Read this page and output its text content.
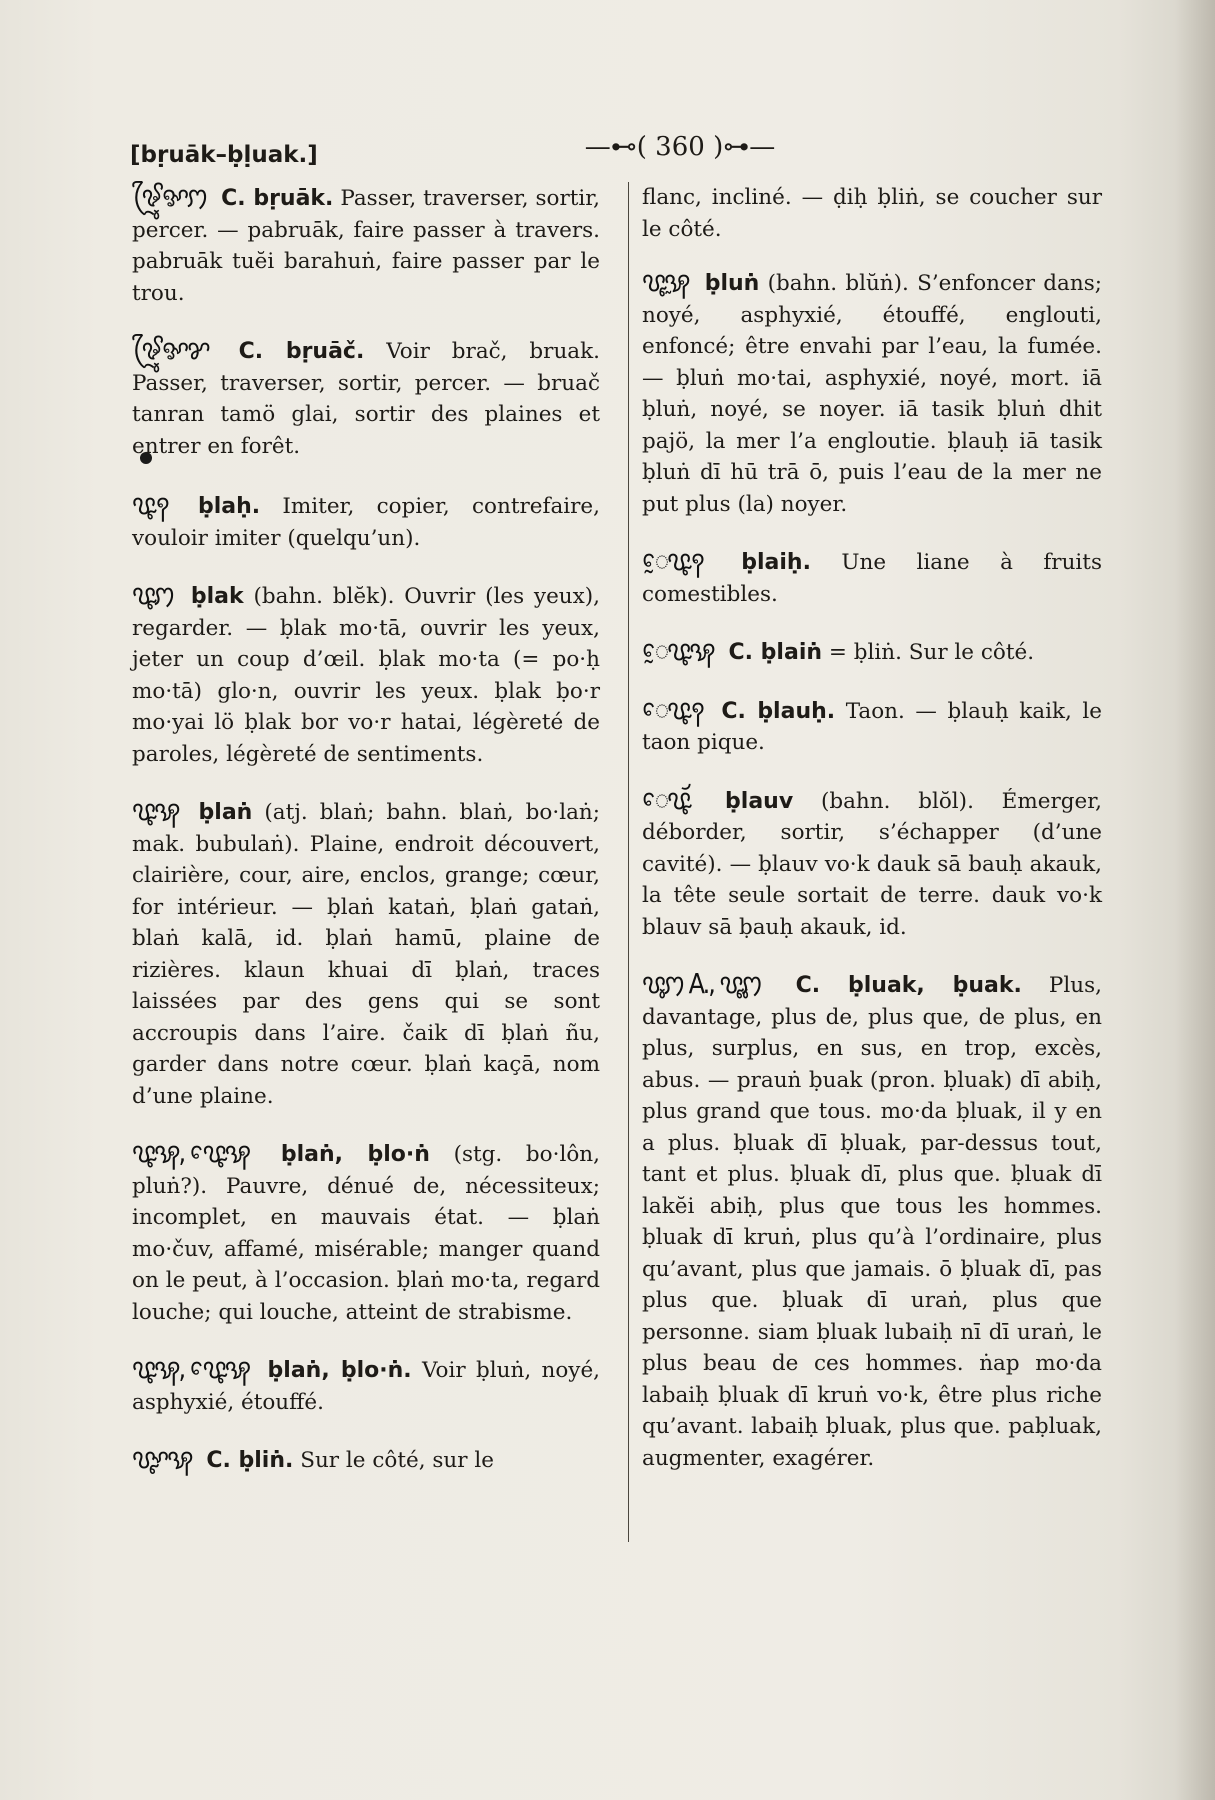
[bṛuāk–ḅḷuak.]	—⊷( 360 )⊶—
ꨃꨴꨶꨀꩀ C. bṛuāk. Passer, traverser, sortir, percer. — pabruāk, faire passer à travers. pabruāk tuĕi barahuṅ, faire passer par le trou.
ꨃꨴꨶꨀꨌ C. bṛuāč. Voir brač, bruak. Passer, traverser, sortir, percer. — bruač tanran tamö glai, sortir des plaines et entrer en forêt.
ꨝꨵꩍ ḅlaḥ. Imiter, copier, contrefaire, vouloir imiter (quelqu’un).
ꨝꨵꩀ ḅlak (bahn. blĕk). Ouvrir (les yeux), regarder. — ḅlak mo·tā, ouvrir les yeux, jeter un coup d’œil. ḅlak mo·ta (= po·ḥ mo·tā) glo·n, ouvrir les yeux. ḅlak ḅo·r mo·yai lö ḅlak bor vo·r hatai, légèreté de paroles, légèreté de sentiments.
ꨝꨵꩂ ḅlaṅ (atj. blaṅ; bahn. blaṅ, bo·laṅ; mak. bubulaṅ). Plaine, endroit découvert, clairière, cour, aire, enclos, grange; cœur, for intérieur. — ḅlaṅ kataṅ, ḅlaṅ gataṅ, blaṅ kalā, id. ḅlaṅ hamū, plaine de rizières. klaun khuai dī ḅlaṅ, traces laissées par des gens qui se sont accroupis dans l’aire. čaik dī ḅlaṅ ñu, garder dans notre cœur. ḅlaṅ kaçā, nom d’une plaine.
ꨝꨵꩂ, ꨝꨵꨯꩂ ḅlaṅ, ḅlo·ṅ (stg. bo·lôn, pluṅ?). Pauvre, dénué de, nécessiteux; incomplet, en mauvais état. — ḅlaṅ mo·čuv, affamé, misérable; manger quand on le peut, à l’occasion. ḅlaṅ mo·ta, regard louche; qui louche, atteint de strabisme.
ꨝꨵꩂ, ꨝꨵꨯꩂ ḅlaṅ, ḅlo·ṅ. Voir ḅluṅ, noyé, asphyxié, étouffé.
ꨝꨵꨳꩂ C. ḅliṅ. Sur le côté, sur le
flanc, incliné. — ḍiḥ ḅliṅ, se coucher sur le côté.
ꨝꨵꨭꩂ ḅluṅ (bahn. blŭṅ). S’enfoncer dans; noyé, asphyxié, étouffé, englouti, enfoncé; être envahi par l’eau, la fumée. — ḅluṅ mo·tai, asphyxié, noyé, mort. iā ḅluṅ, noyé, se noyer. iā tasik ḅluṅ dhit pajö, la mer l’a engloutie. ḅlauḥ iā tasik ḅluṅ dī hū trā ō, puis l’eau de la mer ne put plus (la) noyer.
ꨰꨝꨵꩍ ḅlaiḥ. Une liane à fruits comestibles.
ꨰꨝꨵꩂ C. ḅlaiṅ = ḅliṅ. Sur le côté.
ꨯꨝꨵꩍ C. ḅlauḥ. Taon. — ḅlauḥ kaik, le taon pique.
ꨯꨝꨵꨮ ḅlauv (bahn. blŏl). Émerger, déborder, sortir, s’échapper (d’une cavité). — ḅlauv vo·k dauk sā bauḥ akauk, la tête seule sortait de terre. dauk vo·k blauv sā ḅauḥ akauk, id.
ꨝꨶꩀ A., ꨝꨵꨶꩀ C. ḅluak, ḅuak. Plus, davantage, plus de, plus que, de plus, en plus, surplus, en sus, en trop, excès, abus. — prauṅ ḅuak (pron. ḅluak) dī abiḥ, plus grand que tous. mo·da ḅluak, il y en a plus. ḅluak dī ḅluak, par-dessus tout, tant et plus. ḅluak dī, plus que. ḅluak dī lakĕi abiḥ, plus que tous les hommes. ḅluak dī kruṅ, plus qu’à l’ordinaire, plus qu’avant, plus que jamais. ō ḅluak dī, pas plus que. ḅluak dī uraṅ, plus que personne. siam ḅluak lubaiḥ nī dī uraṅ, le plus beau de ces hommes. ṅap mo·da labaiḥ ḅluak dī kruṅ vo·k, être plus riche qu’avant. labaiḥ ḅluak, plus que. paḅluak, augmenter, exagérer.
